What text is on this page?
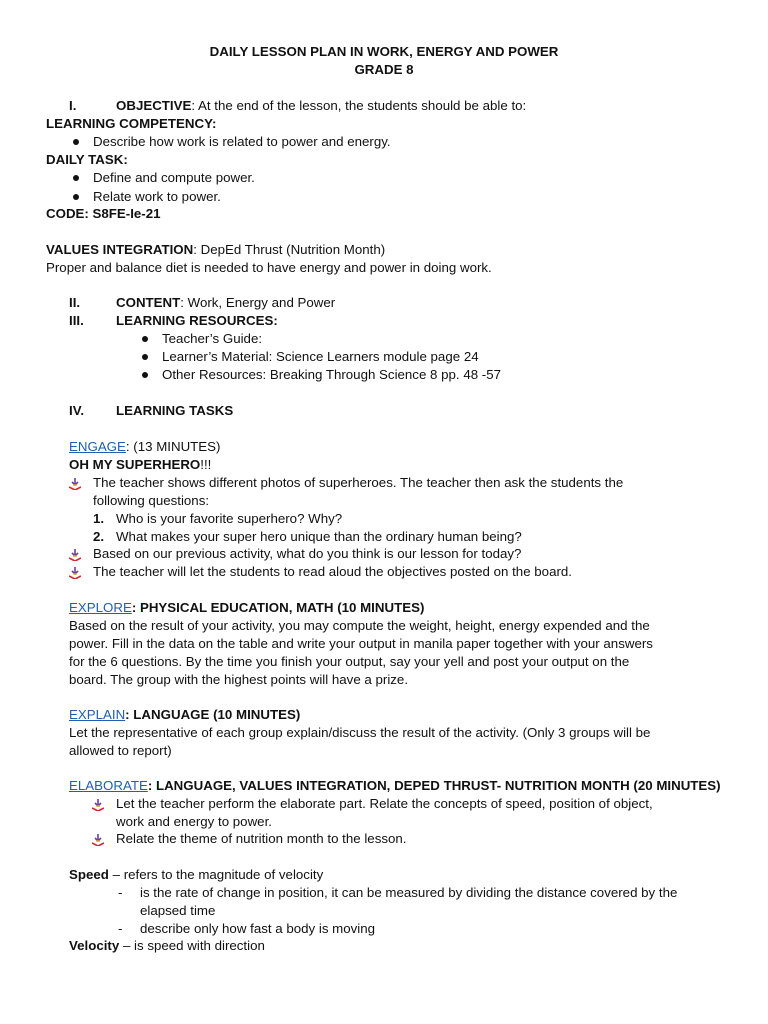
DAILY LESSON PLAN IN WORK, ENERGY AND POWER
GRADE 8
I.	OBJECTIVE: At the end of the lesson, the students should be able to:
LEARNING COMPETENCY:
Describe how work is related to power and energy.
DAILY TASK:
Define and compute power.
Relate work to power.
CODE: S8FE-Ie-21
VALUES INTEGRATION: DepEd Thrust (Nutrition Month)
Proper and balance diet is needed to have energy and power in doing work.
II.	CONTENT: Work, Energy and Power
III. LEARNING RESOURCES:
Teacher’s Guide:
Learner’s Material: Science Learners module page 24
Other Resources: Breaking Through Science 8 pp. 48 -57
IV. LEARNING TASKS
ENGAGE: (13 MINUTES)
OH MY SUPERHERO!!!
The teacher shows different photos of superheroes. The teacher then ask the students the
following questions:
1. Who is your favorite superhero? Why?
2. What makes your super hero unique than the ordinary human being?
Based on our previous activity, what do you think is our lesson for today?
The teacher will let the students to read aloud the objectives posted on the board.
EXPLORE: PHYSICAL EDUCATION, MATH (10 MINUTES)
Based on the result of your activity, you may compute the weight, height, energy expended and the
power. Fill in the data on the table and write your output in manila paper together with your answers
for the 6 questions. By the time you finish your output, say your yell and post your output on the
board. The group with the highest points will have a prize.
EXPLAIN: LANGUAGE (10 MINUTES)
Let the representative of each group explain/discuss the result of the activity. (Only 3 groups will be
allowed to report)
ELABORATE: LANGUAGE, VALUES INTEGRATION, DEPED THRUST- NUTRITION MONTH (20 MINUTES)
Let the teacher perform the elaborate part. Relate the concepts of speed, position of object,
work and energy to power.
Relate the theme of nutrition month to the lesson.
Speed – refers to the magnitude of velocity
- is the rate of change in position, it can be measured by dividing the distance covered by the
elapsed time
- describe only how fast a body is moving
Velocity – is speed with direction
